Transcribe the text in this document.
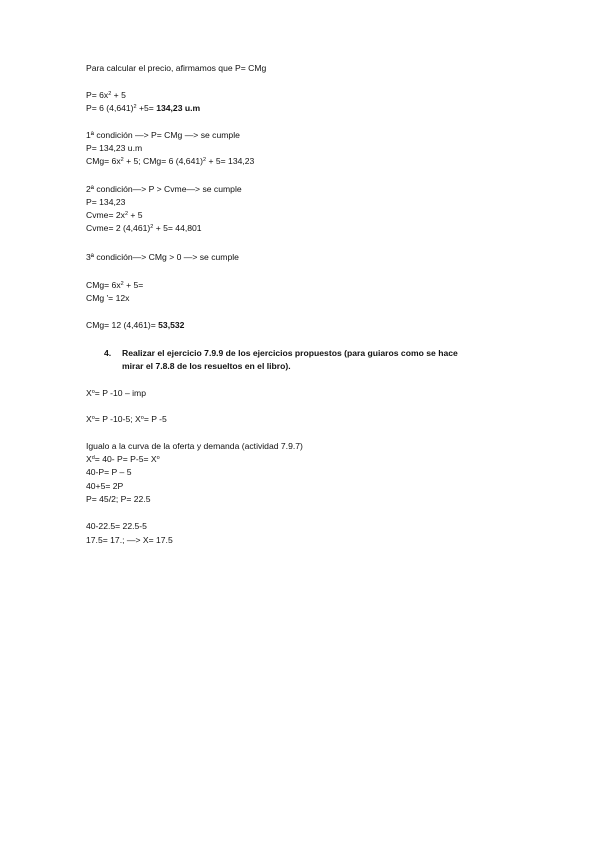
Para calcular el precio, afirmamos que P= CMg
$P= 6x^2 + 5$
P= 6 $(4,641)^2 +5= 134,23$ u.m
1ª condición —> P= CMg —> se cumple
P= 134,23 u.m
$CMg= 6x^2 + 5$; CMg= 6 $(4,641)^2 + 5= 134,23$
2ª condición—> P > Cvme—> se cumple
P= 134,23
Cvme= $2x^2 + 5$
Cvme= 2 $(4,461)^2 + 5= 44,801$
3ª condición—> CMg > 0 —> se cumple
$CMg= 6x^2 + 5=$
CMg '= 12x
CMg= 12 (4,461)= 53,532
4. Realizar el ejercicio 7.9.9 de los ejercicios propuestos (para guiaros como se hace
mirar el 7.8.8 de los resueltos en el libro).
$X^o= P$ -10 – imp
$X^o= P$ -10-5; $X^o= P$ -5
Igualo a la curva de la oferta y demanda (actividad 7.9.7)
$X^d= 40-$ $P= P-5= X^o$
40-P= P – 5
40+5= 2P
P= 45/2; P= 22.5
40-22.5= 22.5-5
17.5= 17.; —> X= 17.5
